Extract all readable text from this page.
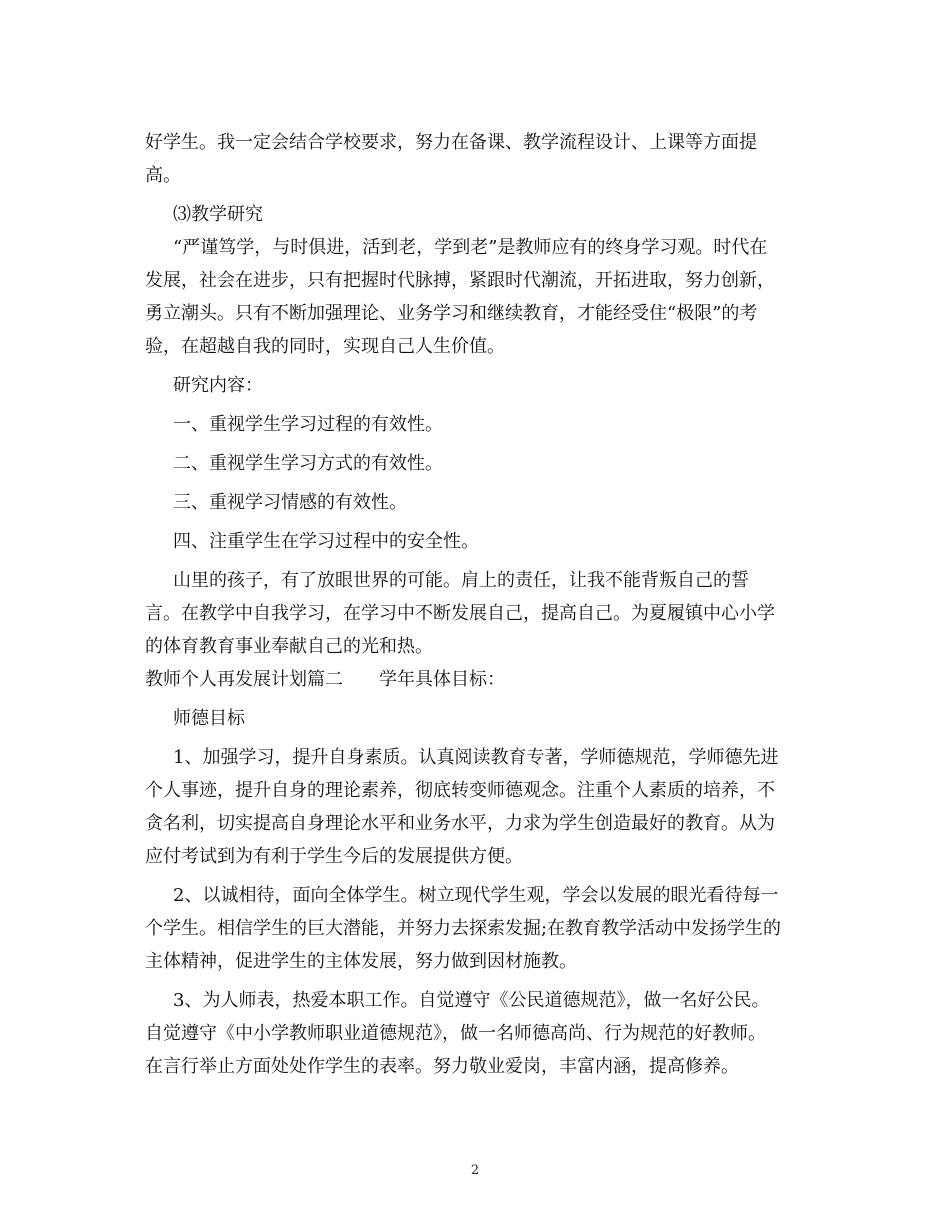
好学生。我一定会结合学校要求，努力在备课、教学流程设计、上课等方面提
高。
⑶教学研究
“严谨笃学，与时俱进，活到老，学到老”是教师应有的终身学习观。时代在
发展，社会在进步，只有把握时代脉搏，紧跟时代潮流，开拓进取，努力创新，
勇立潮头。只有不断加强理论、业务学习和继续教育，才能经受住“极限”的考
验，在超越自我的同时，实现自己人生价值。
研究内容：
一、重视学生学习过程的有效性。
二、重视学生学习方式的有效性。
三、重视学习情感的有效性。
四、注重学生在学习过程中的安全性。
山里的孩子，有了放眼世界的可能。肩上的责任，让我不能背叛自己的誓
言。在教学中自我学习，在学习中不断发展自己，提高自己。为夏履镇中心小学
的体育教育事业奉献自己的光和热。
教师个人再发展计划篇二　　学年具体目标：
师德目标
1、加强学习，提升自身素质。认真阅读教育专著，学师德规范，学师德先进
个人事迹，提升自身的理论素养，彻底转变师德观念。注重个人素质的培养，不
贪名利，切实提高自身理论水平和业务水平，力求为学生创造最好的教育。从为
应付考试到为有利于学生今后的发展提供方便。
2、以诚相待，面向全体学生。树立现代学生观，学会以发展的眼光看待每一
个学生。相信学生的巨大潜能，并努力去探索发掘;在教育教学活动中发扬学生的
主体精神，促进学生的主体发展，努力做到因材施教。
3、为人师表，热爱本职工作。自觉遵守《公民道德规范》，做一名好公民。
自觉遵守《中小学教师职业道德规范》，做一名师德高尚、行为规范的好教师。
在言行举止方面处处作学生的表率。努力敬业爱岗，丰富内涵，提高修养。
2
